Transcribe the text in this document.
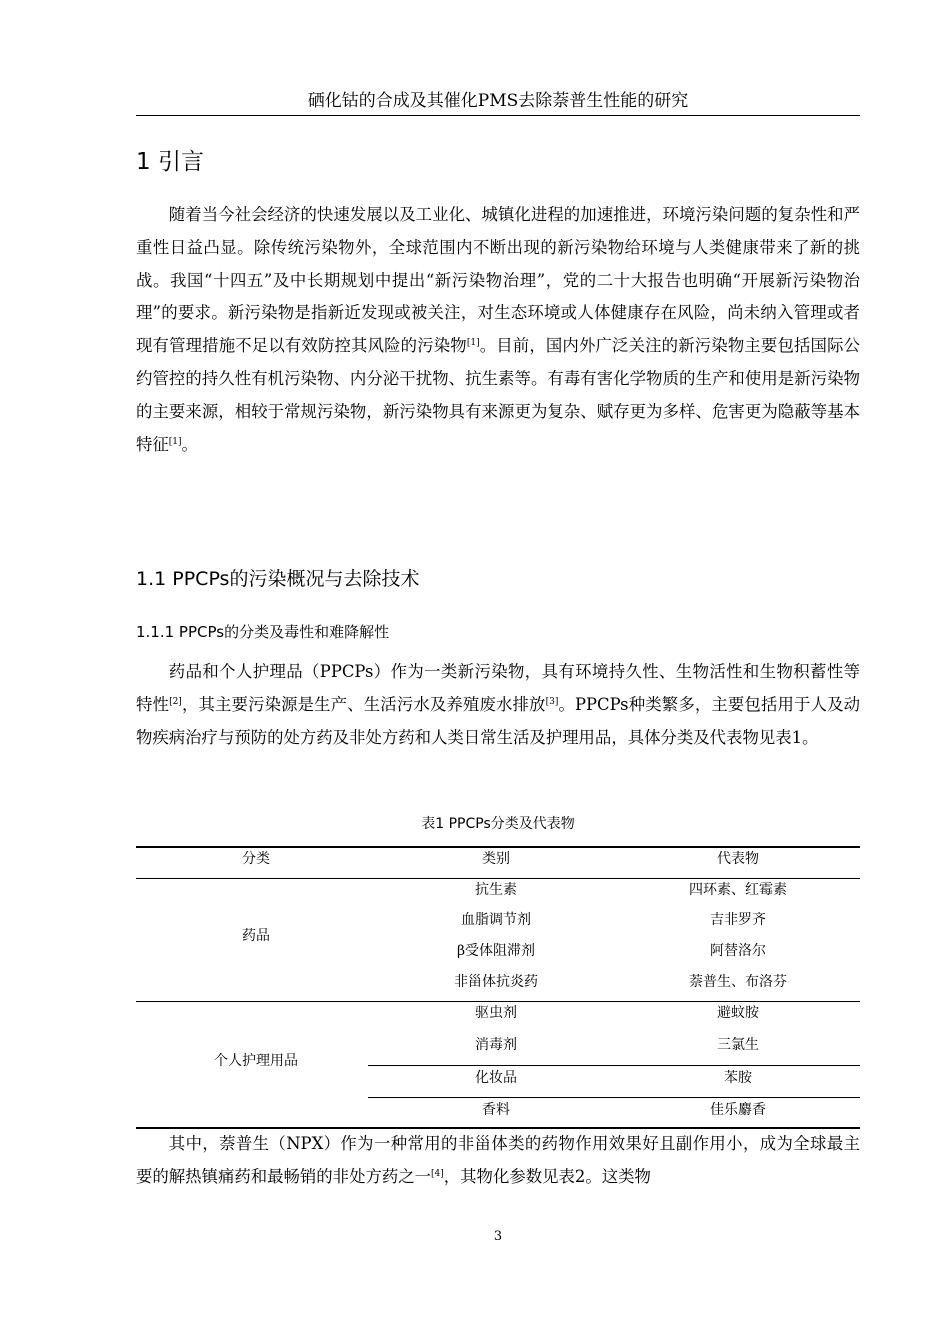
硒化钴的合成及其催化PMS去除萘普生性能的研究
1 引言

随着当今社会经济的快速发展以及工业化、城镇化进程的加速推进，环境污染问题的复杂性和严重性日益凸显。除传统污染物外，全球范围内不断出现的新污染物给环境与人类健康带来了新的挑战。我国“十四五”及中长期规划中提出“新污染物治理”，党的二十大报告也明确“开展新污染物治理”的要求。新污染物是指新近发现或被关注，对生态环境或人体健康存在风险，尚未纳入管理或者现有管理措施不足以有效防控其风险的污染物[1]。目前，国内外广泛关注的新污染物主要包括国际公约管控的持久性有机污染物、内分泌干扰物、抗生素等。有毒有害化学物质的生产和使用是新污染物的主要来源，相较于常规污染物，新污染物具有来源更为复杂、赋存更为多样、危害更为隐蔽等基本特征[1]。

1.1 PPCPs的污染概况与去除技术
1.1.1 PPCPs的分类及毒性和难降解性

药品和个人护理品（PPCPs）作为一类新污染物，具有环境持久性、生物活性和生物积蓄性等特性[2]，其主要污染源是生产、生活污水及养殖废水排放[3]。PPCPs种类繁多，主要包括用于人及动物疾病治疗与预防的处方药及非处方药和人类日常生活及护理用品，具体分类及代表物见表1。

表1 PPCPs分类及代表物
分类	类别	代表物
药品
抗生素	四环素、红霉素
血脂调节剂	吉非罗齐
β受体阻滞剂	阿替洛尔
非甾体抗炎药	萘普生、布洛芬
个人护理用品
驱虫剂	避蚊胺
消毒剂	三氯生
化妆品	苯胺
香料	佳乐麝香

其中，萘普生（NPX）作为一种常用的非甾体类的药物作用效果好且副作用小，成为全球最主要的解热镇痛药和最畅销的非处方药之一[4]，其物化参数见表2。这类物

3
